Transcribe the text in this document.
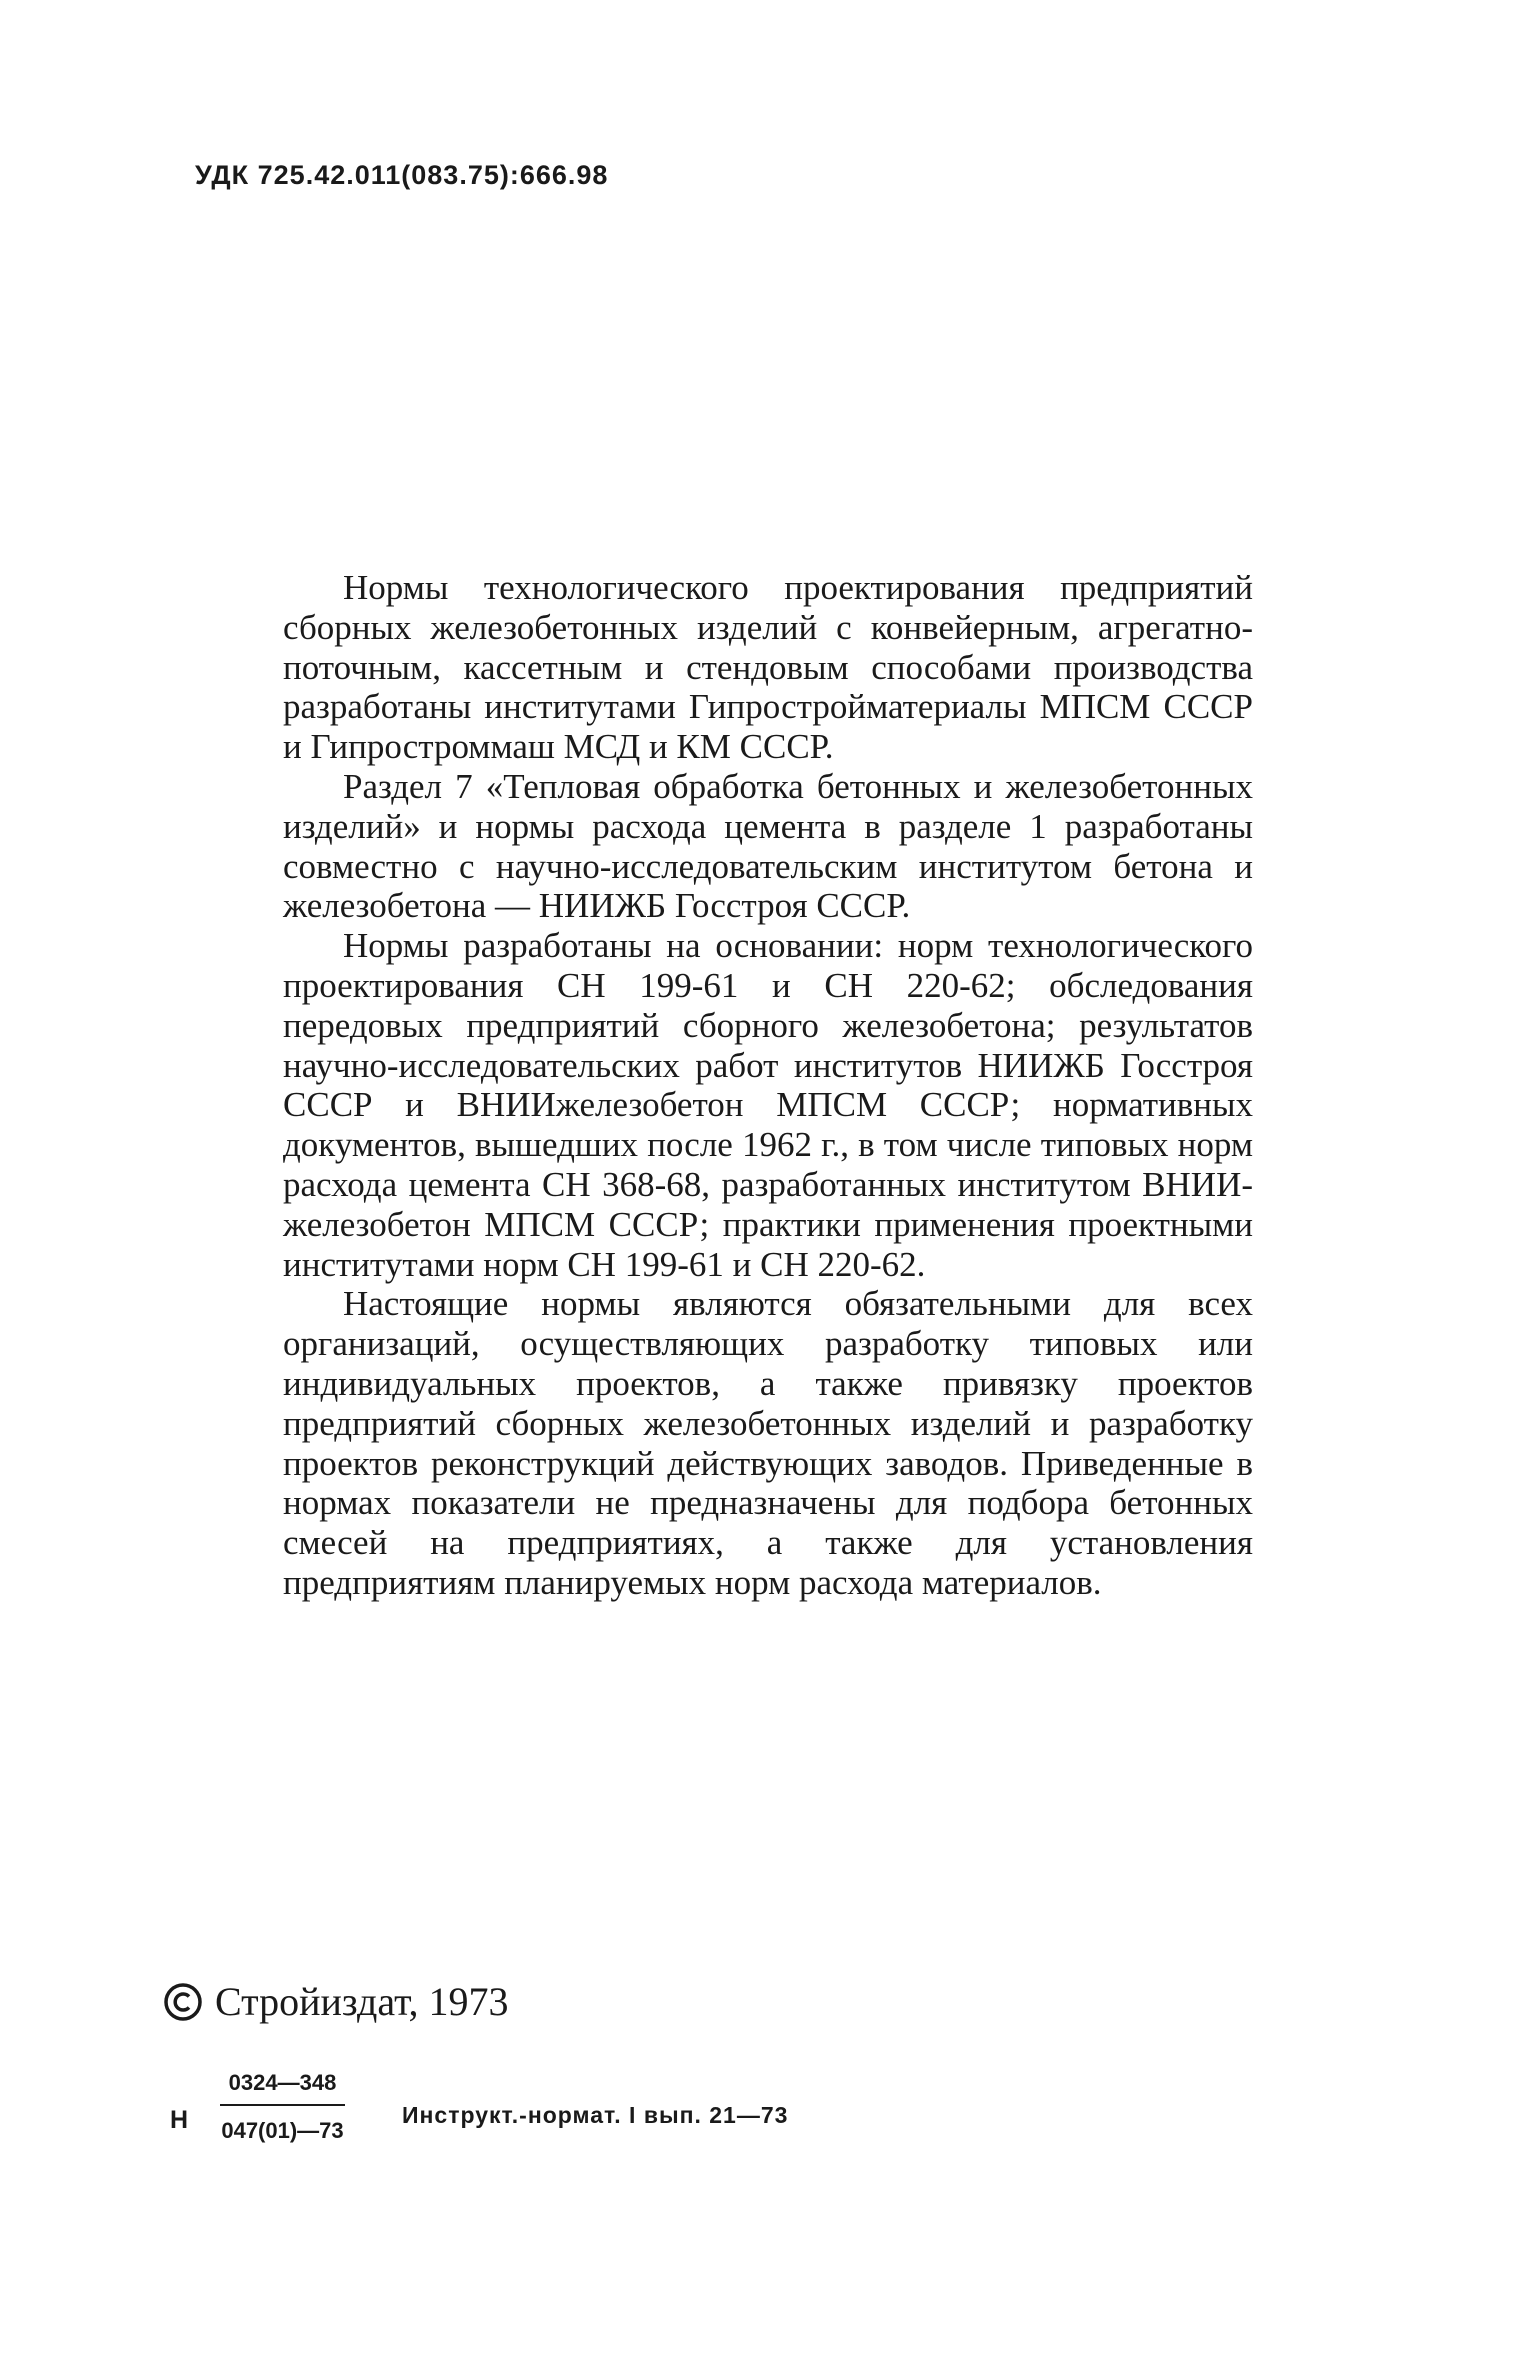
УДК 725.42.011(083.75):666.98

Нормы технологического проектирования предприятий сборных железобетонных изделий с конвейерным, агрегатно-поточным, кассетным и стендовым способами производства разработаны институтами Гипростройматериалы МПСМ СССР и Гипростроммаш МСД и КМ СССР.

Раздел 7 «Тепловая обработка бетонных и железобетонных изделий» и нормы расхода цемента в разделе 1 разработаны совместно с научно-исследовательским институтом бетона и железобетона — НИИЖБ Госстроя СССР.

Нормы разработаны на основании: норм технологического проектирования СН 199-61 и СН 220-62; обследования передовых предприятий сборного железобетона; результатов научно-исследовательских работ институтов НИИЖБ Госстроя СССР и ВНИИжелезобетон МПСМ СССР; нормативных документов, вышедших после 1962 г., в том числе типовых норм расхода цемента СН 368-68, разработанных институтом ВНИИжелезобетон МПСМ СССР; практики применения проектными институтами норм СН 199-61 и СН 220-62.

Настоящие нормы являются обязательными для всех организаций, осуществляющих разработку типовых или индивидуальных проектов, а также привязку проектов предприятий сборных железобетонных изделий и разработку проектов реконструкций действующих заводов. Приведенные в нормах показатели не предназначены для подбора бетонных смесей на предприятиях, а также для установления предприятиям планируемых норм расхода материалов.

Стройиздат, 1973
Н $\frac{0324—348}{047(01)—73}$ Инструкт.-нормат. I вып. 21—73
